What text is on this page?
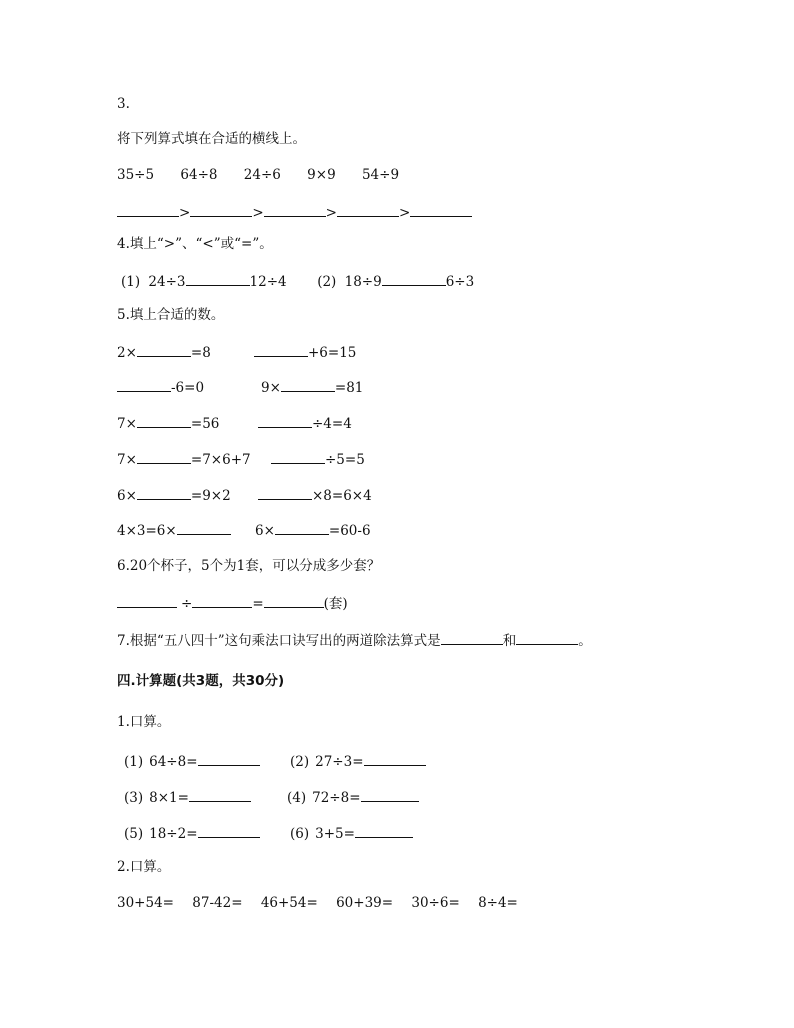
3.
将下列算式填在合适的横线上。
35÷5 64÷8 24÷6 9×9 54÷9
>	>	>	>
4.填上“>”、“<”或“=”。
(1) 24÷3	12÷4 (2) 18÷9	6÷3
5.填上合适的数。
2×	=8	+6=15
-6=0	9×	=81
7×	=56	÷4=4
7×	=7×6+7	÷5=5
6×	=9×2	×8=6×4
4×3=6×	6×	=60-6
6.20个杯子，5个为1套，可以分成多少套？
÷	=	(套)
7.根据“五八四十”这句乘法口诀写出的两道除法算式是	和	。
四.计算题(共3题，共30分)
1.口算。
(1) 64÷8=	(2) 27÷3=
(3) 8×1=	(4) 72÷8=
(5) 18÷2=	(6) 3+5=
2.口算。
30+54= 87-42= 46+54= 60+39= 30÷6= 8÷4=
